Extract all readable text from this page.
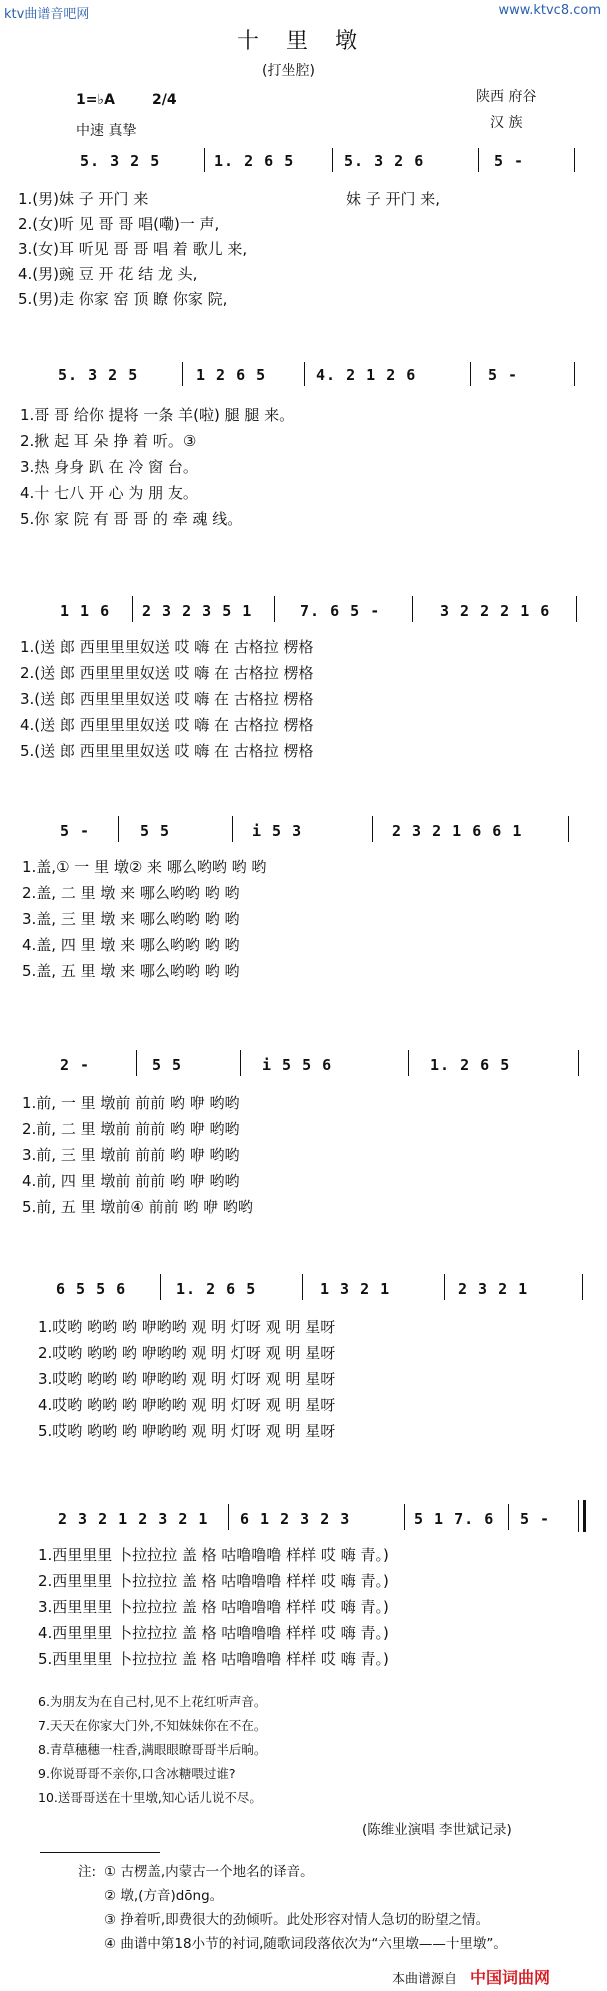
ktv曲谱音吧网	www.ktvc8.com
十 里 墩
(打坐腔)
1=♭A	2/4
中速 真挚
陕西 府谷
汉 族
5. 3 2 5	1. 2 6 5	5. 3 2 6	5 -
1.(男)妹 子 开门 来	妹 子 开门 来,
2.(女)听 见 哥 哥 唱(嘞)一 声,
3.(女)耳 听见 哥 哥 唱 着 歌儿 来,
4.(男)豌 豆 开 花 结 龙 头,
5.(男)走 你家 窑 顶 瞭 你家 院,
5. 3 2 5	1 2 6 5	4. 2 1 2 6	5 -
1.哥 哥 给你 提将 一条 羊(啦) 腿 腿 来。
2.揪 起 耳 朵 挣 着 听。③
3.热 身身 趴 在 冷 窗 台。
4.十 七八 开 心 为 朋 友。
5.你 家 院 有 哥 哥 的 牵 魂 线。
1 1 6 2 3 2 3 5 1	7. 6 5 -	3 2 2 2 1 6
1.(送 郎 西里里里奴送 哎 嗨 在 古格拉 楞格
2.(送 郎 西里里里奴送 哎 嗨 在 古格拉 楞格
3.(送 郎 西里里里奴送 哎 嗨 在 古格拉 楞格
4.(送 郎 西里里里奴送 哎 嗨 在 古格拉 楞格
5.(送 郎 西里里里奴送 哎 嗨 在 古格拉 楞格
5 -	5 5	i 5 3	2 3 2 1 6 6 1
1.盖,① 一 里 墩② 来 哪么哟哟 哟 哟
2.盖, 二 里 墩 来 哪么哟哟 哟 哟
3.盖, 三 里 墩 来 哪么哟哟 哟 哟
4.盖, 四 里 墩 来 哪么哟哟 哟 哟
5.盖, 五 里 墩 来 哪么哟哟 哟 哟
2 -	5 5	i 5 5 6	1. 2 6 5
1.前, 一 里 墩前 前前 哟 咿 哟哟
2.前, 二 里 墩前 前前 哟 咿 哟哟
3.前, 三 里 墩前 前前 哟 咿 哟哟
4.前, 四 里 墩前 前前 哟 咿 哟哟
5.前, 五 里 墩前④ 前前 哟 咿 哟哟
6 5 5 6	1. 2 6 5	1 3 2 1	2 3 2 1
1.哎哟 哟哟 哟 咿哟哟 观 明 灯呀 观 明 星呀
2.哎哟 哟哟 哟 咿哟哟 观 明 灯呀 观 明 星呀
3.哎哟 哟哟 哟 咿哟哟 观 明 灯呀 观 明 星呀
4.哎哟 哟哟 哟 咿哟哟 观 明 灯呀 观 明 星呀
5.哎哟 哟哟 哟 咿哟哟 观 明 灯呀 观 明 星呀
2 3 2 1 2 3 2 1 6 1 2 3 2 3	5 1 7. 6 5 -
1.西里里里 卜拉拉拉 盖 格 咕噜噜噜 样样 哎 嗨 青。)
2.西里里里 卜拉拉拉 盖 格 咕噜噜噜 样样 哎 嗨 青。)
3.西里里里 卜拉拉拉 盖 格 咕噜噜噜 样样 哎 嗨 青。)
4.西里里里 卜拉拉拉 盖 格 咕噜噜噜 样样 哎 嗨 青。)
5.西里里里 卜拉拉拉 盖 格 咕噜噜噜 样样 哎 嗨 青。)
6.为朋友为在自己村,见不上花红听声音。
7.天天在你家大门外,不知妹妹你在不在。
8.青草穗穗一柱香,满眼眼瞭哥哥半后晌。
9.你说哥哥不亲你,口含冰糖喂过谁?
10.送哥哥送在十里墩,知心话儿说不尽。
(陈维业演唱 李世斌记录)
注: ① 古楞盖,内蒙古一个地名的译音。
② 墩,(方音)dōng。
③ 挣着听,即费很大的劲倾听。此处形容对情人急切的盼望之情。
④ 曲谱中第18小节的衬词,随歌词段落依次为“六里墩——十里墩”。
本曲谱源自 中国词曲网
